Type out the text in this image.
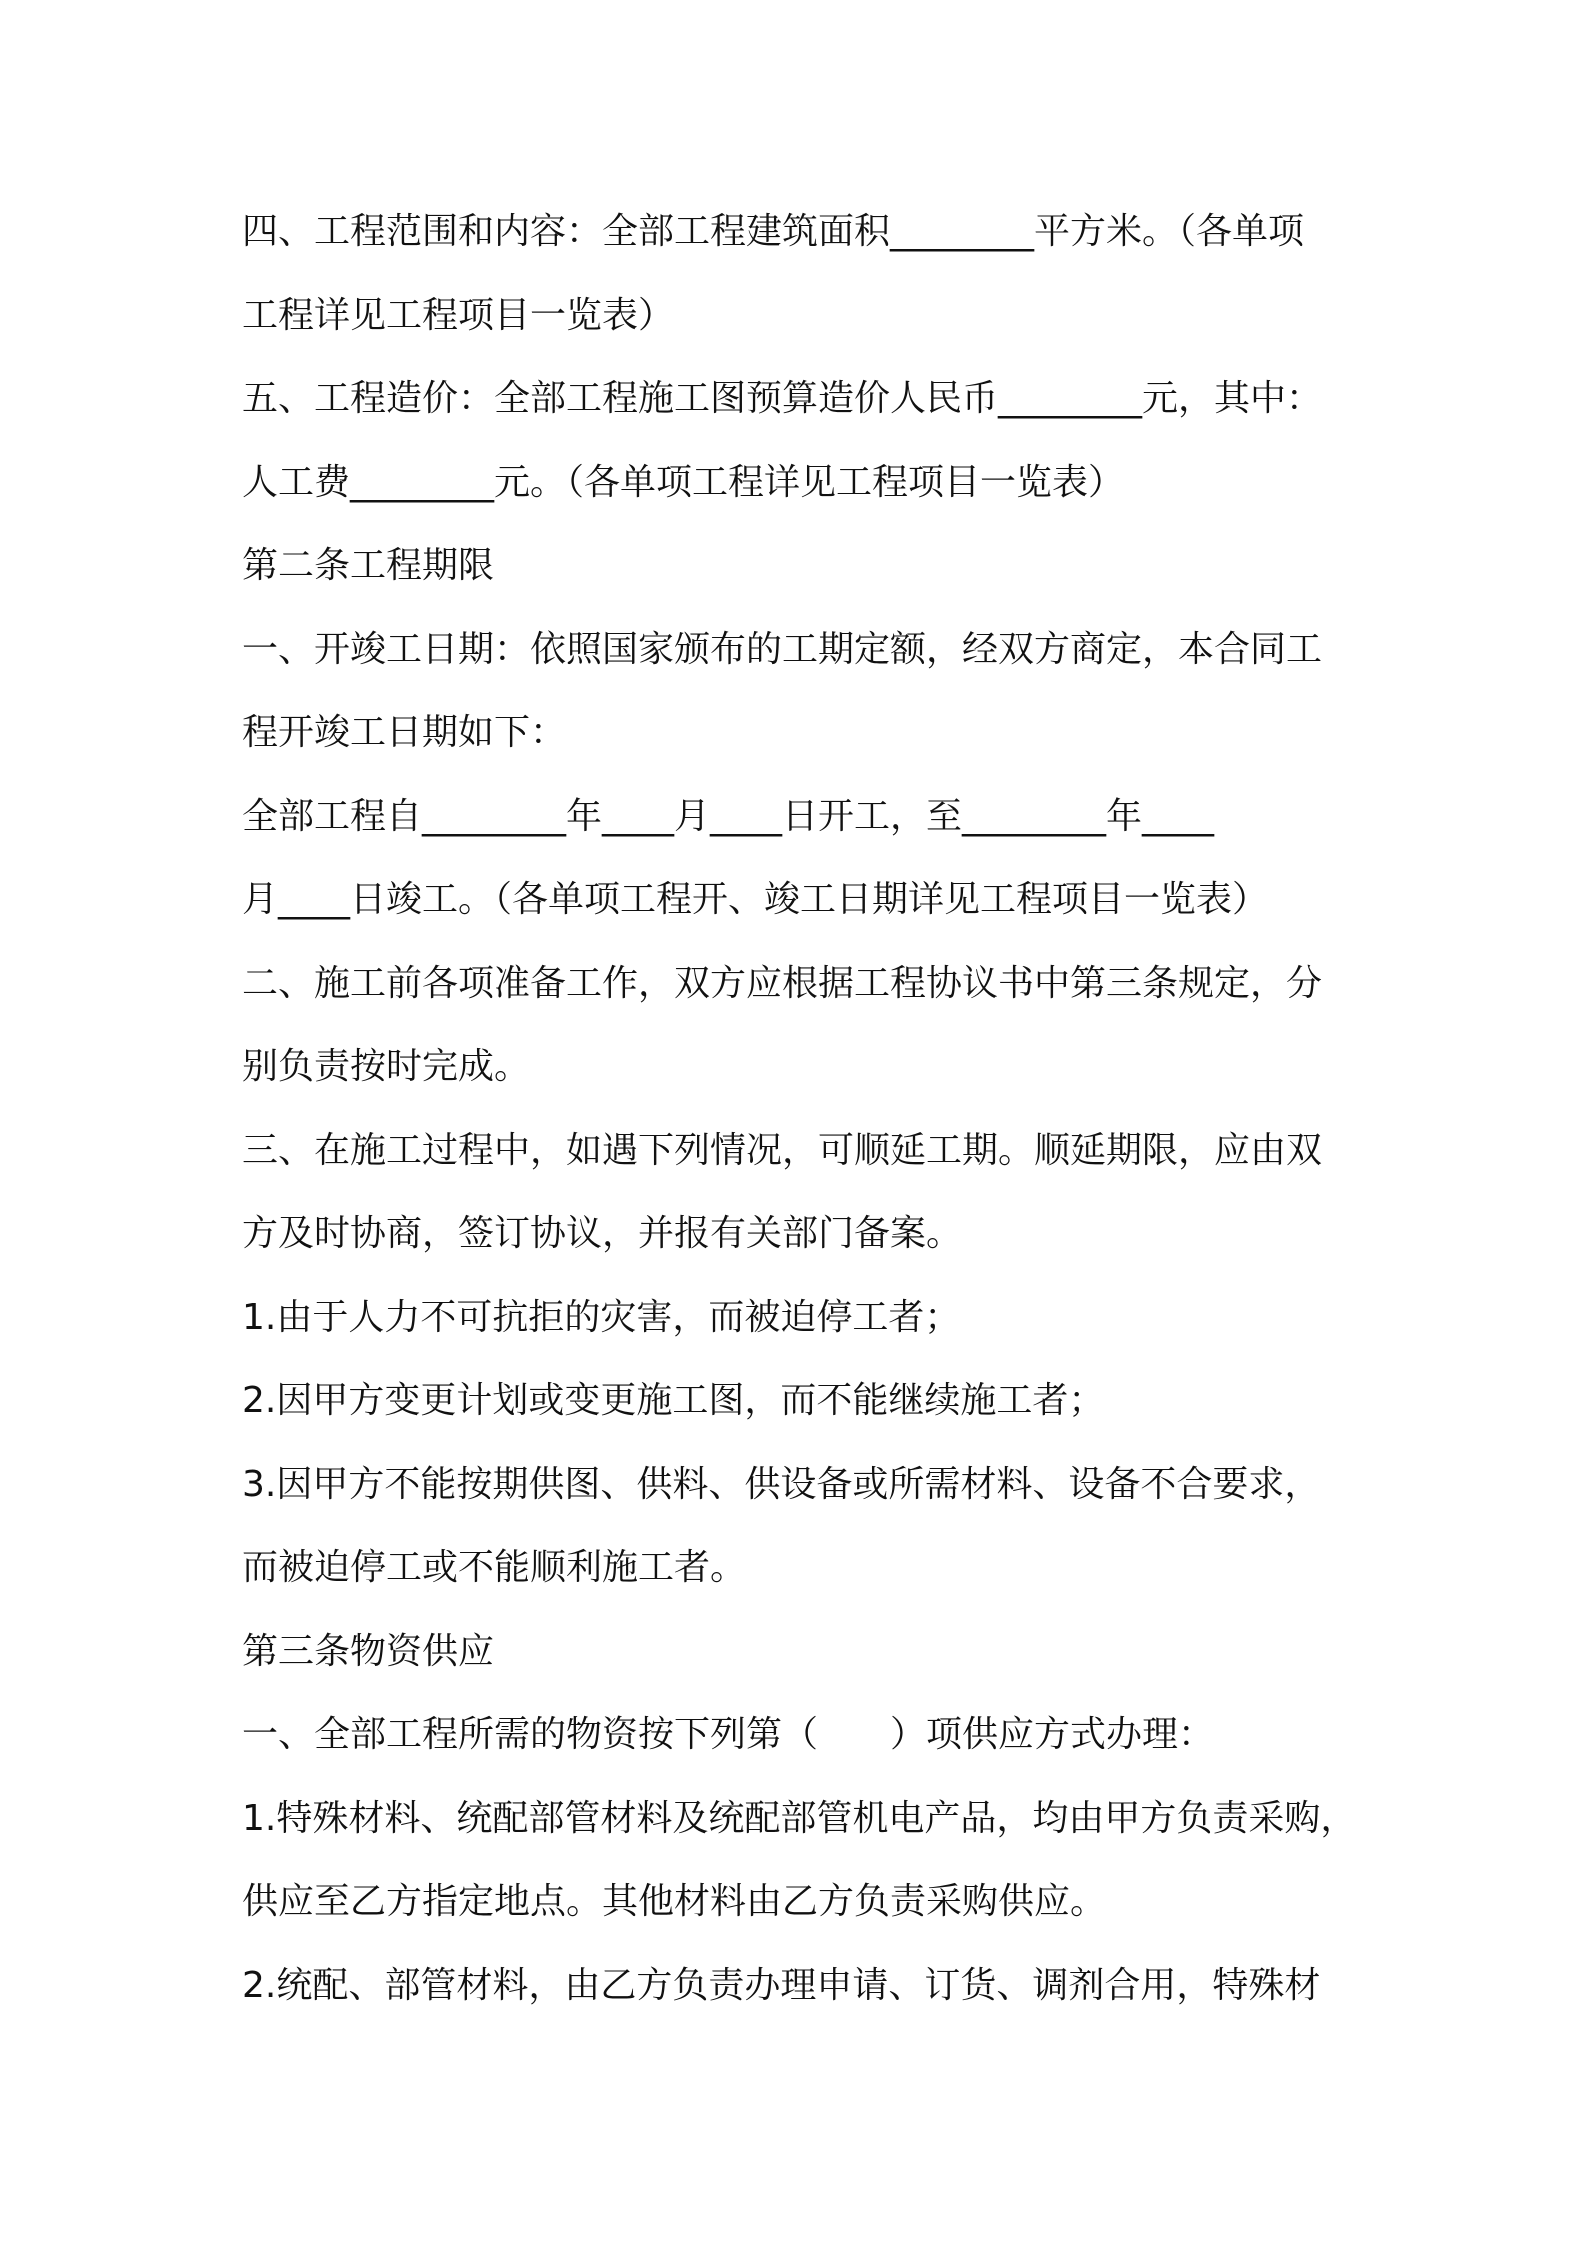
四、工程范围和内容：全部工程建筑面积________平方米。（各单项
工程详见工程项目一览表）
五、工程造价：全部工程施工图预算造价人民币________元，其中：
人工费________元。（各单项工程详见工程项目一览表）
第二条工程期限
一、开竣工日期：依照国家颁布的工期定额，经双方商定，本合同工
程开竣工日期如下：
全部工程自________年____月____日开工，至________年____
月____日竣工。（各单项工程开、竣工日期详见工程项目一览表）
二、施工前各项准备工作，双方应根据工程协议书中第三条规定，分
别负责按时完成。
三、在施工过程中，如遇下列情况，可顺延工期。顺延期限，应由双
方及时协商，签订协议，并报有关部门备案。
1.由于人力不可抗拒的灾害，而被迫停工者；
2.因甲方变更计划或变更施工图，而不能继续施工者；
3.因甲方不能按期供图、供料、供设备或所需材料、设备不合要求，
而被迫停工或不能顺利施工者。
第三条物资供应
一、全部工程所需的物资按下列第（　　）项供应方式办理：
1.特殊材料、统配部管材料及统配部管机电产品，均由甲方负责采购，
供应至乙方指定地点。其他材料由乙方负责采购供应。
2.统配、部管材料，由乙方负责办理申请、订货、调剂合用，特殊材
